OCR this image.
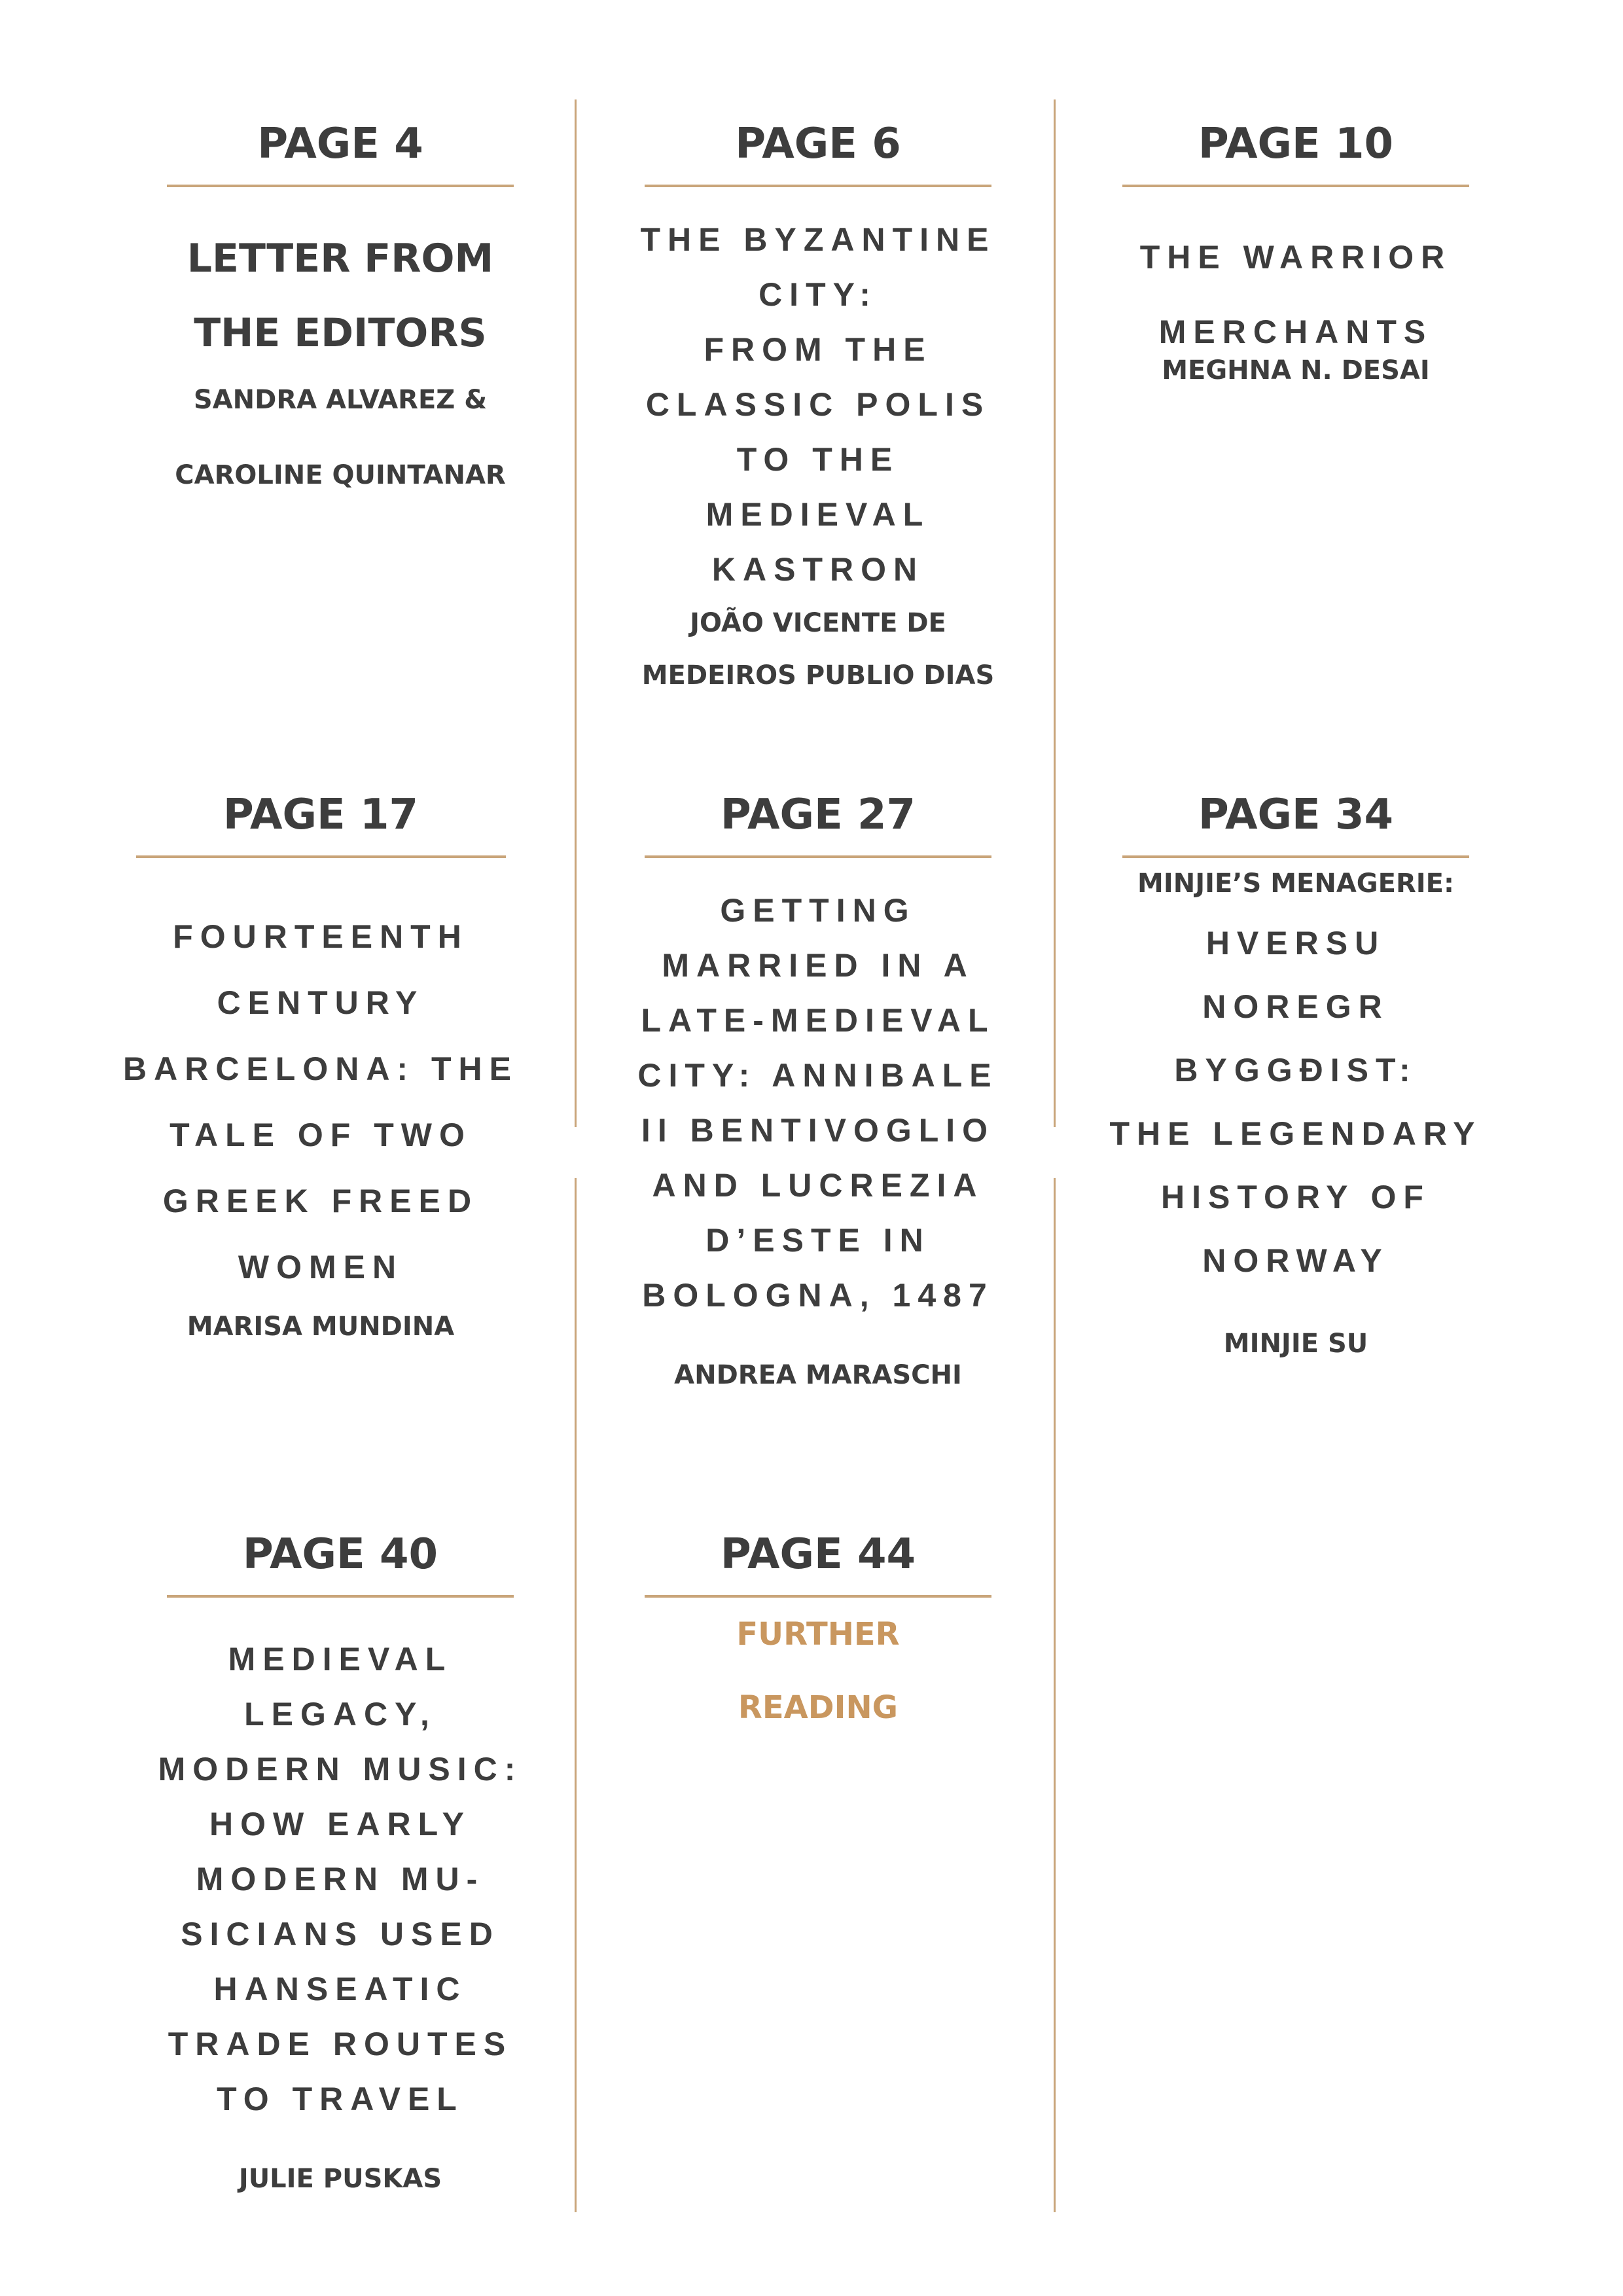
PAGE 4
LETTER FROM
THE EDITORS
SANDRA ALVAREZ &
CAROLINE QUINTANAR
PAGE 6
THE BYZANTINE
CITY:
FROM THE
CLASSIC POLIS
TO THE
MEDIEVAL
KASTRON
JOÃO VICENTE DE
MEDEIROS PUBLIO DIAS
PAGE 10
THE WARRIOR
MERCHANTS
MEGHNA N. DESAI
PAGE 17
FOURTEENTH
CENTURY
BARCELONA: THE
TALE OF TWO
GREEK FREED
WOMEN
MARISA MUNDINA
PAGE 27
GETTING
MARRIED IN A
LATE-MEDIEVAL
CITY: ANNIBALE
II BENTIVOGLIO
AND LUCREZIA
D’ESTE IN
BOLOGNA, 1487
ANDREA MARASCHI
PAGE 34
MINJIE’S MENAGERIE:
HVERSU
NOREGR
BYGGĐIST:
THE LEGENDARY
HISTORY OF
NORWAY
MINJIE SU
PAGE 40
MEDIEVAL
LEGACY,
MODERN MUSIC:
HOW EARLY
MODERN MU-
SICIANS USED
HANSEATIC
TRADE ROUTES
TO TRAVEL
JULIE PUSKAS
PAGE 44
FURTHER
READING
